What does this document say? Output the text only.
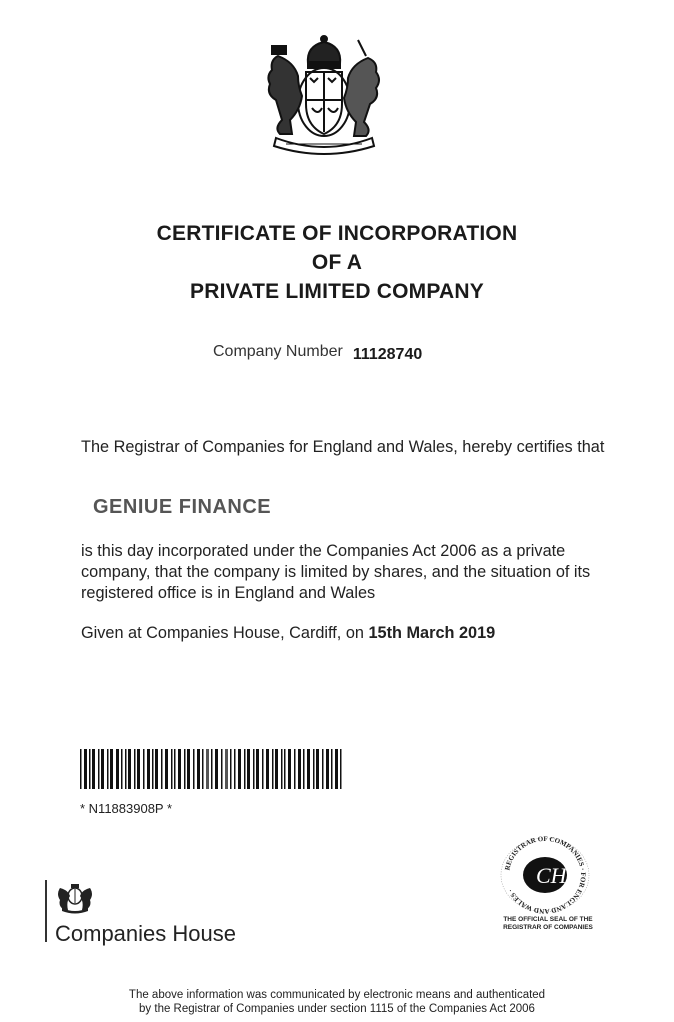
CERTIFICATE OF INCORPORATION
OF A
PRIVATE LIMITED COMPANY
Company Number 11128740
The Registrar of Companies for England and Wales, hereby certifies that
GENIUE FINANCE
is this day incorporated under the Companies Act 2006 as a private company, that the company is limited by shares, and the situation of its registered office is in England and Wales
Given at Companies House, Cardiff, on 15th March 2019
* N11883908P *
REGISTRAR OF COMPANIES · FOR ENGLAND AND WALES ·
CH
THE OFFICIAL SEAL OF THE
REGISTRAR OF COMPANIES
Companies House
The above information was communicated by electronic means and authenticated
by the Registrar of Companies under section 1115 of the Companies Act 2006
